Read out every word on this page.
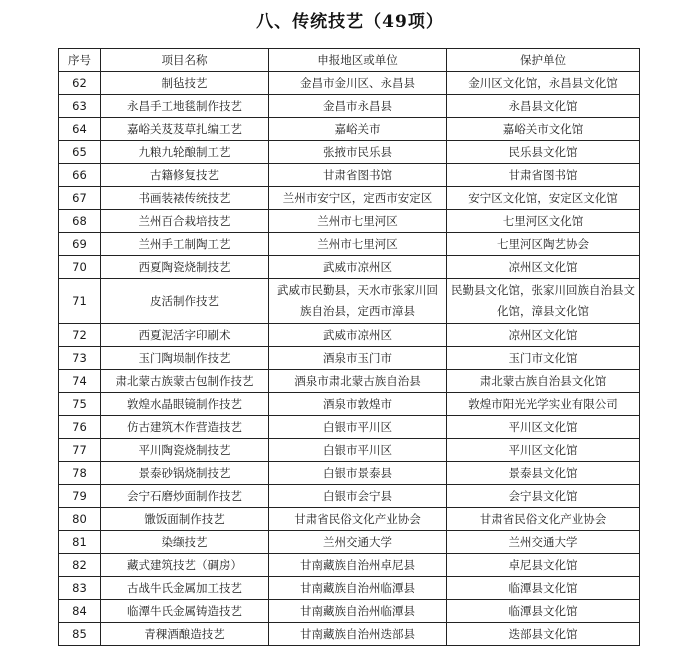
八、传统技艺（49项）
序号	项目名称	申报地区或单位	保护单位
62	制毡技艺	金昌市金川区、永昌县	金川区文化馆，永昌县文化馆
63	永昌手工地毯制作技艺	金昌市永昌县	永昌县文化馆
64	嘉峪关芨芨草扎编工艺	嘉峪关市	嘉峪关市文化馆
65	九粮九轮酿制工艺	张掖市民乐县	民乐县文化馆
66	古籍修复技艺	甘肃省图书馆	甘肃省图书馆
67	书画装裱传统技艺	兰州市安宁区，定西市安定区	安宁区文化馆，安定区文化馆
68	兰州百合栽培技艺	兰州市七里河区	七里河区文化馆
69	兰州手工制陶工艺	兰州市七里河区	七里河区陶艺协会
70	西夏陶瓷烧制技艺	武威市凉州区	凉州区文化馆
71	皮活制作技艺	武威市民勤县，天水市张家川回族自治县，定西市漳县	民勤县文化馆，张家川回族自治县文化馆，漳县文化馆
72	西夏泥活字印刷术	武威市凉州区	凉州区文化馆
73	玉门陶埙制作技艺	酒泉市玉门市	玉门市文化馆
74	肃北蒙古族蒙古包制作技艺	酒泉市肃北蒙古族自治县	肃北蒙古族自治县文化馆
75	敦煌水晶眼镜制作技艺	酒泉市敦煌市	敦煌市阳光光学实业有限公司
76	仿古建筑木作营造技艺	白银市平川区	平川区文化馆
77	平川陶瓷烧制技艺	白银市平川区	平川区文化馆
78	景泰砂锅烧制技艺	白银市景泰县	景泰县文化馆
79	会宁石磨炒面制作技艺	白银市会宁县	会宁县文化馆
80	馓饭面制作技艺	甘肃省民俗文化产业协会	甘肃省民俗文化产业协会
81	染缬技艺	兰州交通大学	兰州交通大学
82	藏式建筑技艺（碉房）	甘南藏族自治州卓尼县	卓尼县文化馆
83	古战牛氏金属加工技艺	甘南藏族自治州临潭县	临潭县文化馆
84	临潭牛氏金属铸造技艺	甘南藏族自治州临潭县	临潭县文化馆
85	青稞酒酿造技艺	甘南藏族自治州迭部县	迭部县文化馆
